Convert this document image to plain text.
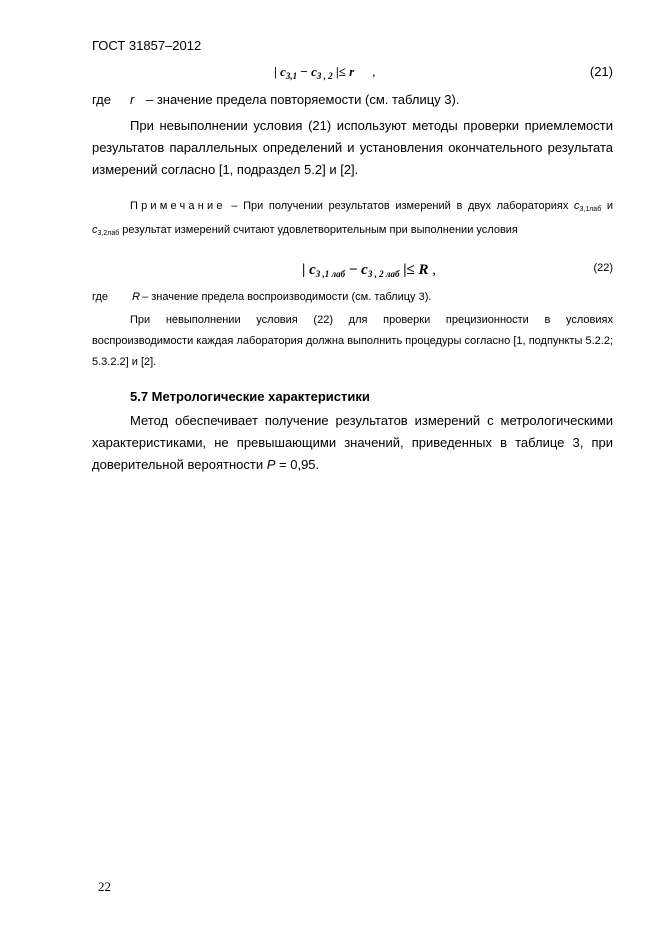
ГОСТ 31857–2012
| $c_{3,1} - c_{3 , 2}$ |≤ r ,	(21)
где r – значение предела повторяемости (см. таблицу 3).
При невыполнении условия (21) используют методы проверки приемлемости результатов параллельных определений и установления окончательного результата измерений согласно [1, подраздел 5.2] и [2].
Примечание – При получении результатов измерений в двух лабораториях с3,1лаб и с3,2лаб результат измерений считают удовлетворительным при выполнении условия
| $c_{3 ,1 лаб} - c_{3 , 2 лаб}$ |≤ R ,	(22)
где R – значение предела воспроизводимости (см. таблицу 3).
При невыполнении условия (22) для проверки прецизионности в условиях воспроизводимости каждая лаборатория должна выполнить процедуры согласно [1, подпункты 5.2.2; 5.3.2.2] и [2].
5.7 Метрологические характеристики
Метод обеспечивает получение результатов измерений с метрологическими характеристиками, не превышающими значений, приведенных в таблице 3, при доверительной вероятности P = 0,95.
22
